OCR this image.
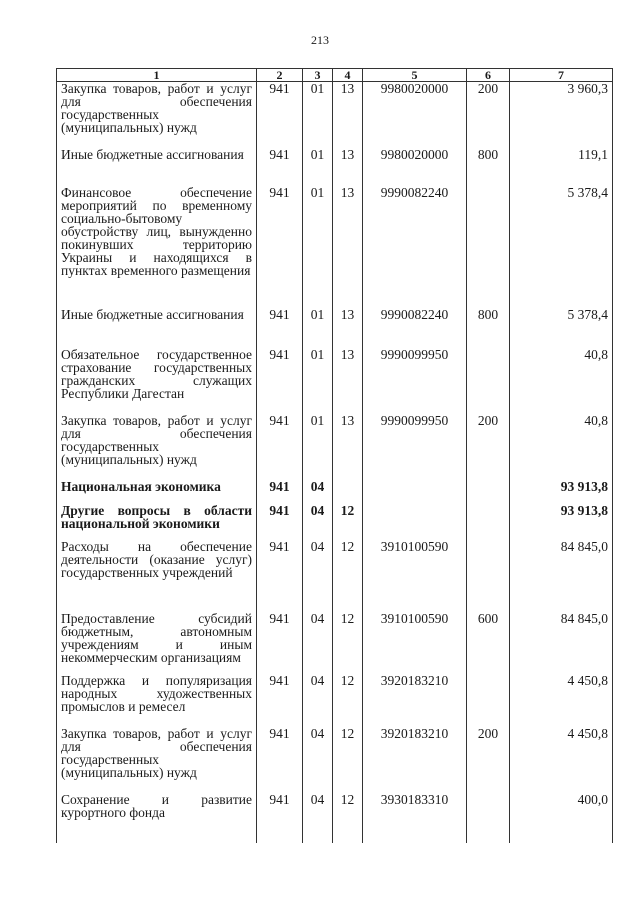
213
1	2	3	4	5	6	7
Закупка товаров, работ и услуг для обеспечения государственных (муниципальных) нужд	941	01	13	9980020000	200	3 960,3
Иные бюджетные ассигнования	941	01	13	9980020000	800	119,1
Финансовое обеспечение мероприятий по временному социально-бытовому обустройству лиц, вынужденно покинувших территорию Украины и находящихся в пунктах временного размещения	941	01	13	9990082240		5 378,4
Иные бюджетные ассигнования	941	01	13	9990082240	800	5 378,4
Обязательное государственное страхование государственных гражданских служащих Республики Дагестан	941	01	13	9990099950		40,8
Закупка товаров, работ и услуг для обеспечения государственных (муниципальных) нужд	941	01	13	9990099950	200	40,8
Национальная экономика	941	04				93 913,8
Другие вопросы в области национальной экономики	941	04	12			93 913,8
Расходы на обеспечение деятельности (оказание услуг) государственных учреждений	941	04	12	3910100590		84 845,0
Предоставление субсидий бюджетным, автономным учреждениям и иным некоммерческим организациям	941	04	12	3910100590	600	84 845,0
Поддержка и популяризация народных художественных промыслов и ремесел	941	04	12	3920183210		4 450,8
Закупка товаров, работ и услуг для обеспечения государственных (муниципальных) нужд	941	04	12	3920183210	200	4 450,8
Сохранение и развитие курортного фонда	941	04	12	3930183310		400,0
